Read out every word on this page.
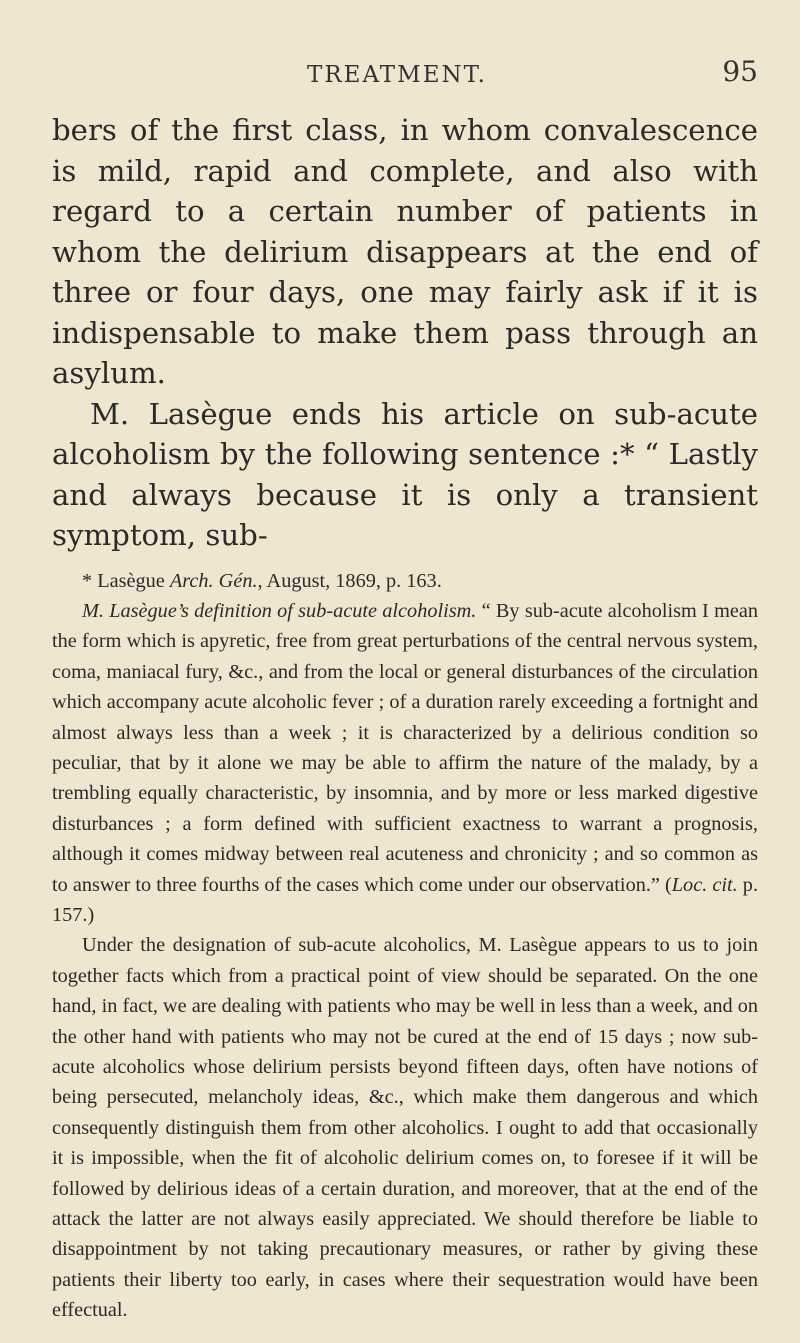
TREATMENT.	95

bers of the first class, in whom convalescence is mild, rapid and complete, and also with regard to a certain number of patients in whom the delirium disappears at the end of three or four days, one may fairly ask if it is indispensable to make them pass through an asylum.

M. Lasègue ends his article on sub-acute alcoholism by the following sentence :* “ Lastly and always because it is only a transient symptom, sub-

* Lasègue Arch. Gén., August, 1869, p. 163.

M. Lasègue’s definition of sub-acute alcoholism. “ By sub-acute alcoholism I mean the form which is apyretic, free from great perturbations of the central nervous system, coma, maniacal fury, &c., and from the local or general disturbances of the circulation which accompany acute alcoholic fever ; of a duration rarely exceeding a fortnight and almost always less than a week ; it is characterized by a delirious condition so peculiar, that by it alone we may be able to affirm the nature of the malady, by a trembling equally characteristic, by insomnia, and by more or less marked digestive disturbances ; a form defined with sufficient exactness to warrant a prognosis, although it comes midway between real acuteness and chronicity ; and so common as to answer to three fourths of the cases which come under our observation.” (Loc. cit. p. 157.)

Under the designation of sub-acute alcoholics, M. Lasègue appears to us to join together facts which from a practical point of view should be separated. On the one hand, in fact, we are dealing with patients who may be well in less than a week, and on the other hand with patients who may not be cured at the end of 15 days ; now sub-acute alcoholics whose delirium persists beyond fifteen days, often have notions of being persecuted, melancholy ideas, &c., which make them dangerous and which consequently distinguish them from other alcoholics. I ought to add that occasionally it is impossible, when the fit of alcoholic delirium comes on, to foresee if it will be followed by delirious ideas of a certain duration, and moreover, that at the end of the attack the latter are not always easily appreciated. We should therefore be liable to disappointment by not taking precautionary measures, or rather by giving these patients their liberty too early, in cases where their sequestration would have been effectual.
